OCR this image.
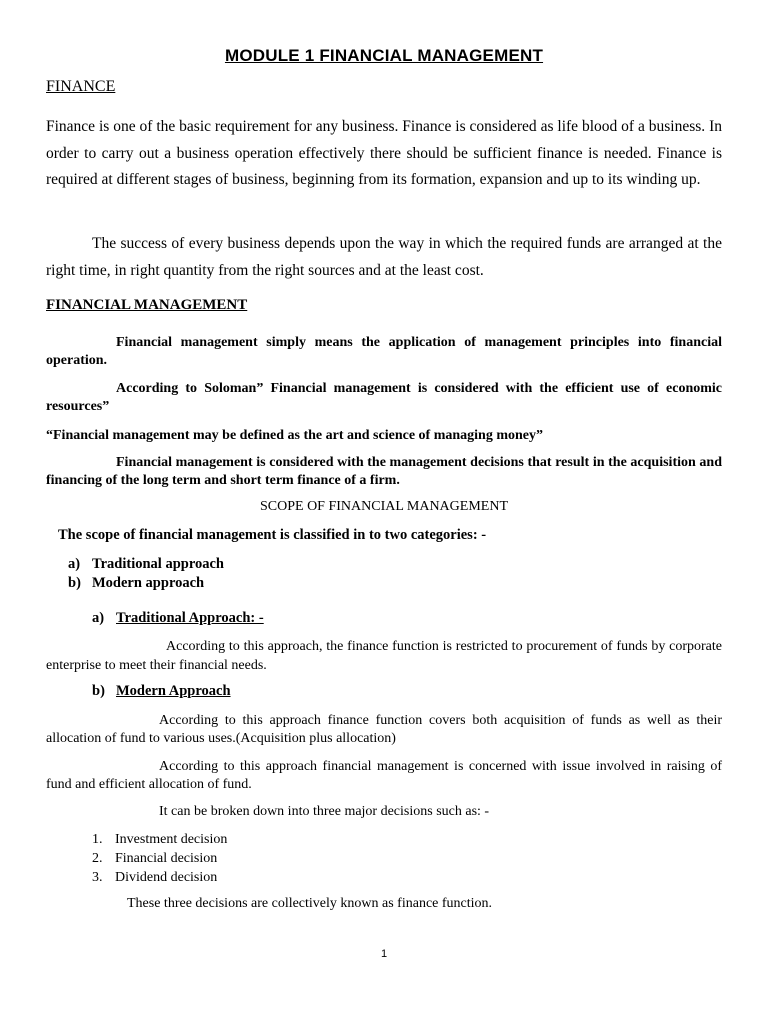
MODULE 1 FINANCIAL MANAGEMENT
FINANCE
Finance is one of the basic requirement for any business. Finance is considered as life blood of a business. In order to carry out a business operation effectively there should be sufficient finance is needed. Finance is required at different stages of business, beginning from its formation, expansion and up to its winding up.
The success of every business depends upon the way in which the required funds are arranged at the right time, in right quantity from the right sources and at the least cost.
FINANCIAL MANAGEMENT
Financial management simply means the application of management principles into financial operation.
According to Soloman” Financial management is considered with the efficient use of economic resources”
“Financial management may be defined as the art and science of managing money”
Financial management is considered with the management decisions that result in the acquisition and financing of the long term and short term finance of a firm.
SCOPE OF FINANCIAL MANAGEMENT
The scope of financial management is classified in to two categories: -
a) Traditional approach
b) Modern approach
a) Traditional Approach: -
According to this approach, the finance function is restricted to procurement of funds by corporate enterprise to meet their financial needs.
b) Modern Approach
According to this approach finance function covers both acquisition of funds as well as their allocation of fund to various uses.(Acquisition plus allocation)
According to this approach financial management is concerned with issue involved in raising of fund and efficient allocation of fund.
It can be broken down into three major decisions such as: -
1. Investment decision
2. Financial decision
3. Dividend decision
These three decisions are collectively known as finance function.
1
